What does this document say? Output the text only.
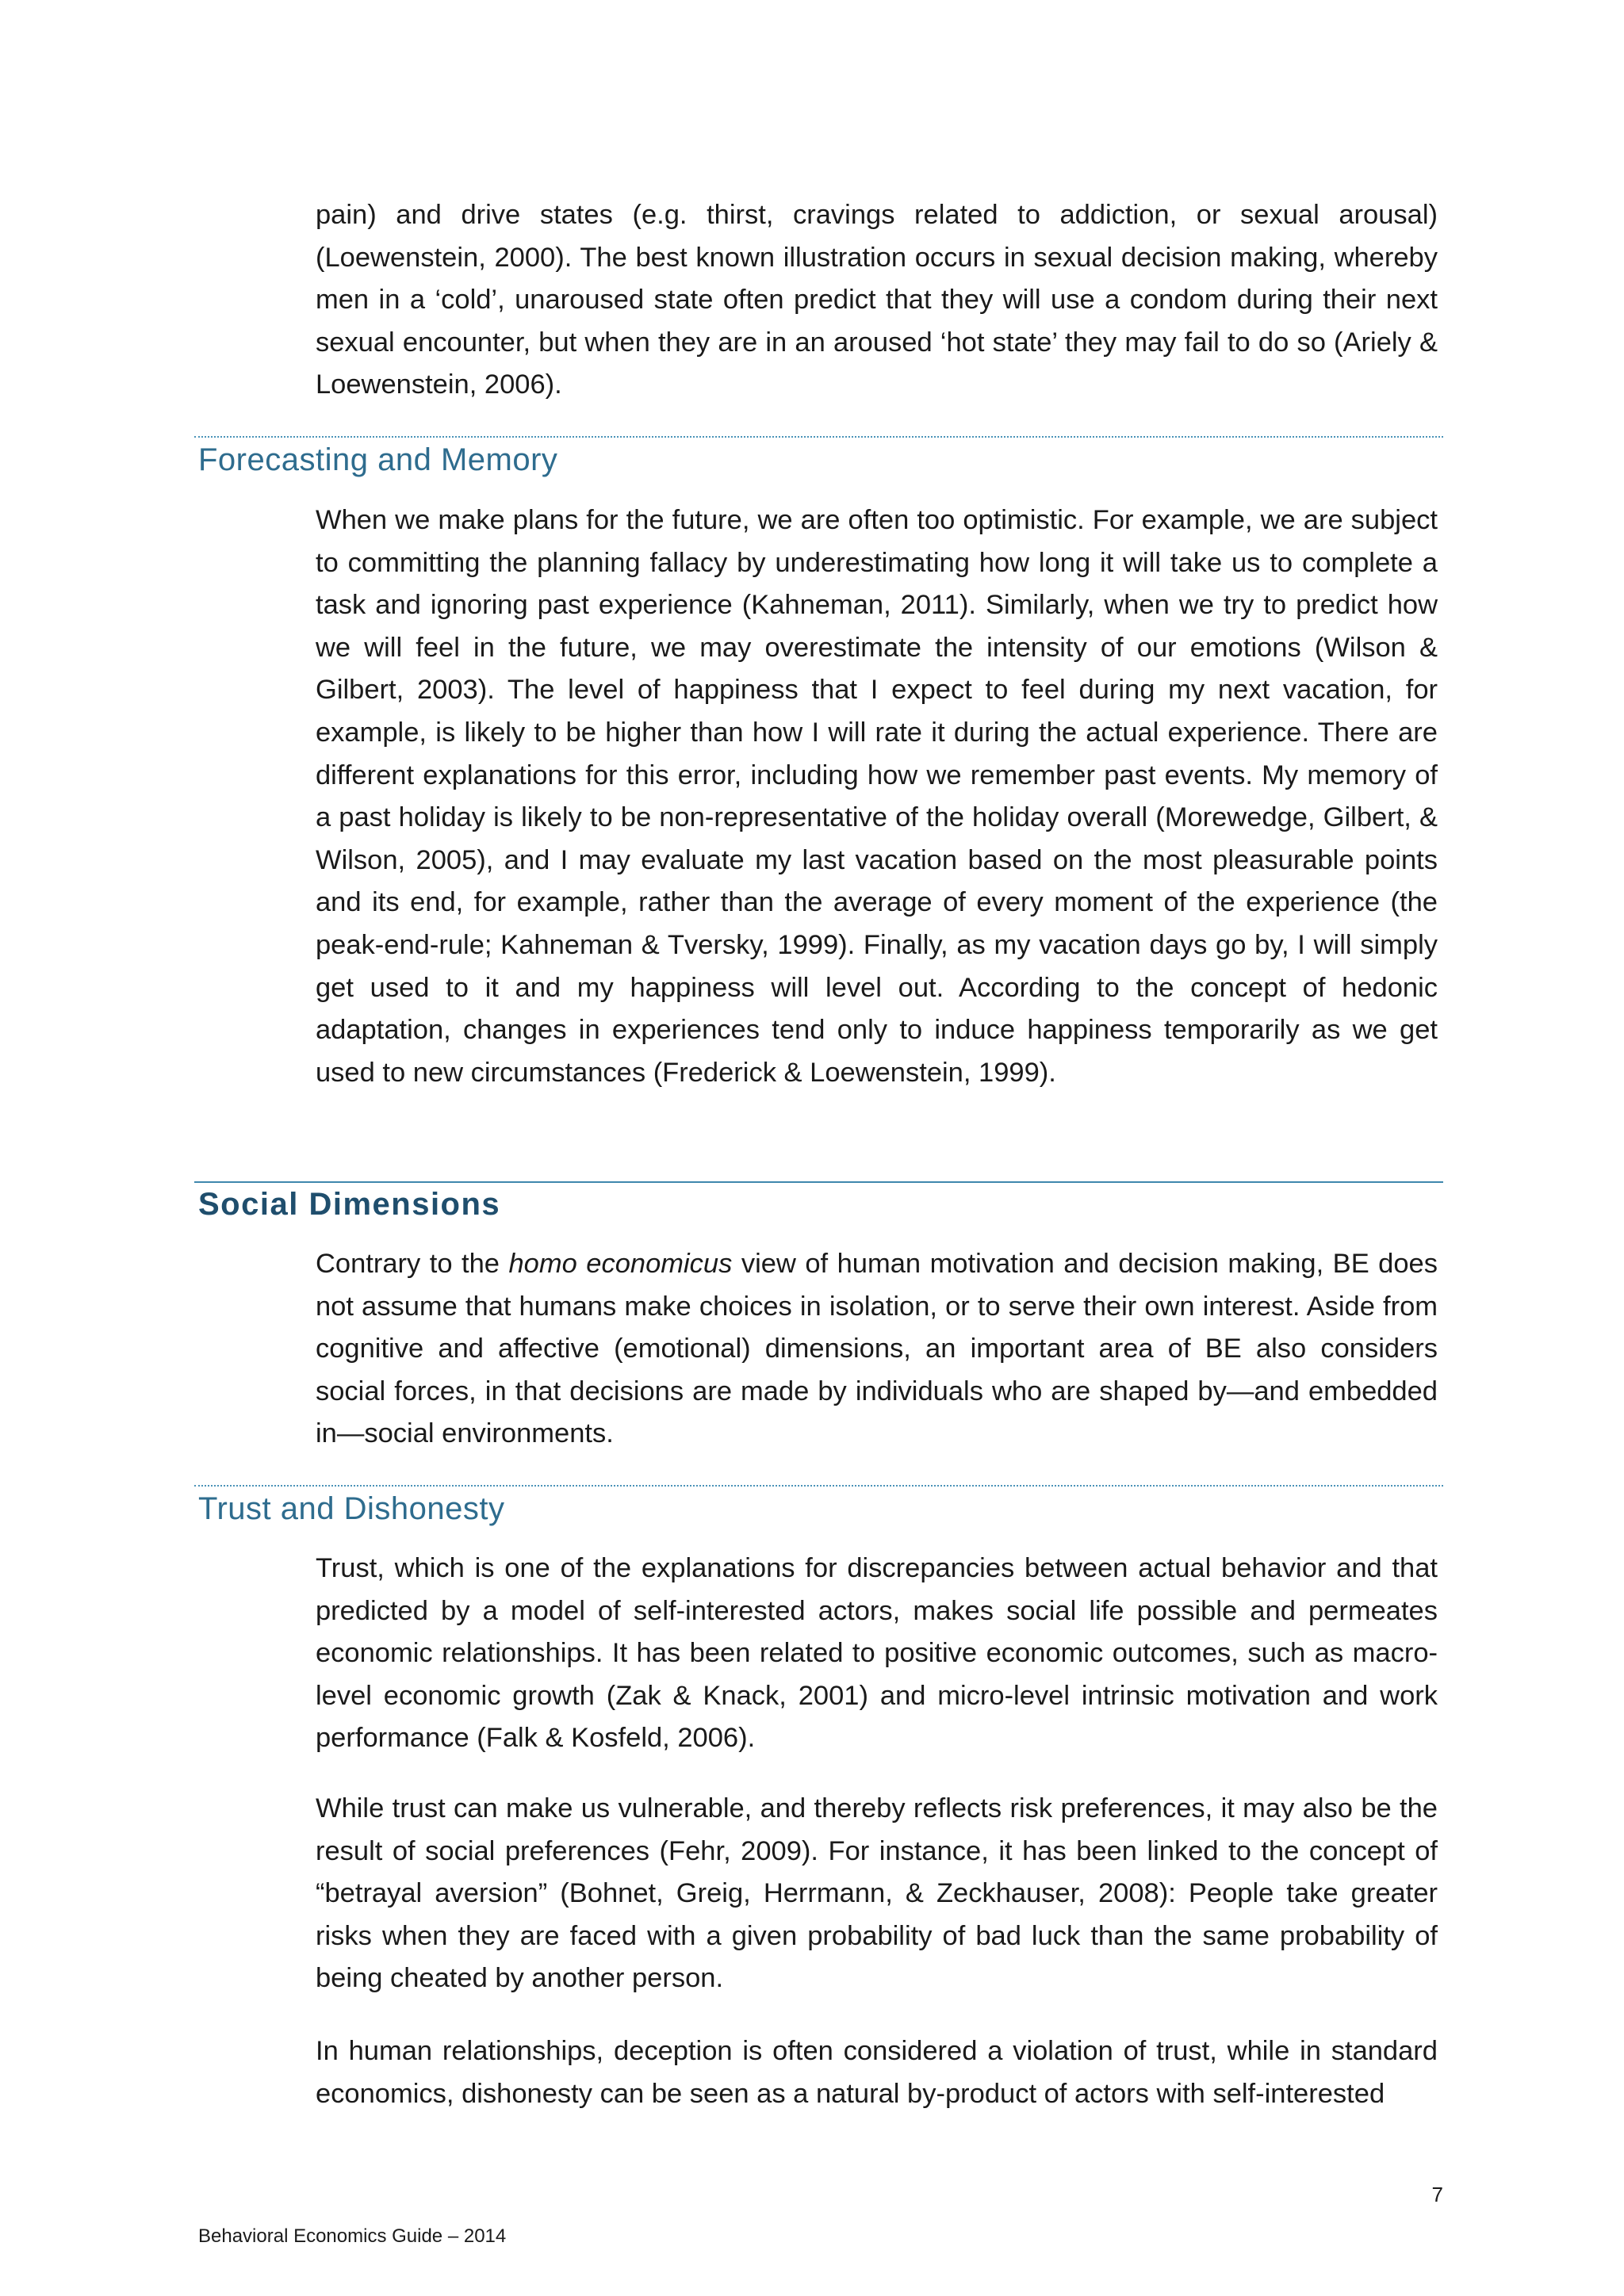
pain) and drive states (e.g. thirst, cravings related to addiction, or sexual arousal) (Loewenstein, 2000). The best known illustration occurs in sexual decision making, whereby men in a ‘cold’, unaroused state often predict that they will use a condom during their next sexual encounter, but when they are in an aroused ‘hot state’ they may fail to do so (Ariely & Loewenstein, 2006).

Forecasting and Memory

When we make plans for the future, we are often too optimistic. For example, we are subject to committing the planning fallacy by underestimating how long it will take us to complete a task and ignoring past experience (Kahneman, 2011). Similarly, when we try to predict how we will feel in the future, we may overestimate the intensity of our emotions (Wilson & Gilbert, 2003). The level of happiness that I expect to feel during my next vacation, for example, is likely to be higher than how I will rate it during the actual experience. There are different explanations for this error, including how we remember past events. My memory of a past holiday is likely to be non-representative of the holiday overall (Morewedge, Gilbert, & Wilson, 2005), and I may evaluate my last vacation based on the most pleasurable points and its end, for example, rather than the average of every moment of the experience (the peak-end-rule; Kahneman & Tversky, 1999). Finally, as my vacation days go by, I will simply get used to it and my happiness will level out. According to the concept of hedonic adaptation, changes in experiences tend only to induce happiness temporarily as we get used to new circumstances (Frederick & Loewenstein, 1999).

Social Dimensions

Contrary to the homo economicus view of human motivation and decision making, BE does not assume that humans make choices in isolation, or to serve their own interest. Aside from cognitive and affective (emotional) dimensions, an important area of BE also considers social forces, in that decisions are made by individuals who are shaped by—and embedded in—social environments.

Trust and Dishonesty

Trust, which is one of the explanations for discrepancies between actual behavior and that predicted by a model of self-interested actors, makes social life possible and permeates economic relationships. It has been related to positive economic outcomes, such as macro-level economic growth (Zak & Knack, 2001) and micro-level intrinsic motivation and work performance (Falk & Kosfeld, 2006).

While trust can make us vulnerable, and thereby reflects risk preferences, it may also be the result of social preferences (Fehr, 2009). For instance, it has been linked to the concept of “betrayal aversion” (Bohnet, Greig, Herrmann, & Zeckhauser, 2008): People take greater risks when they are faced with a given probability of bad luck than the same probability of being cheated by another person.

In human relationships, deception is often considered a violation of trust, while in standard economics, dishonesty can be seen as a natural by-product of actors with self-interested

7
Behavioral Economics Guide – 2014
